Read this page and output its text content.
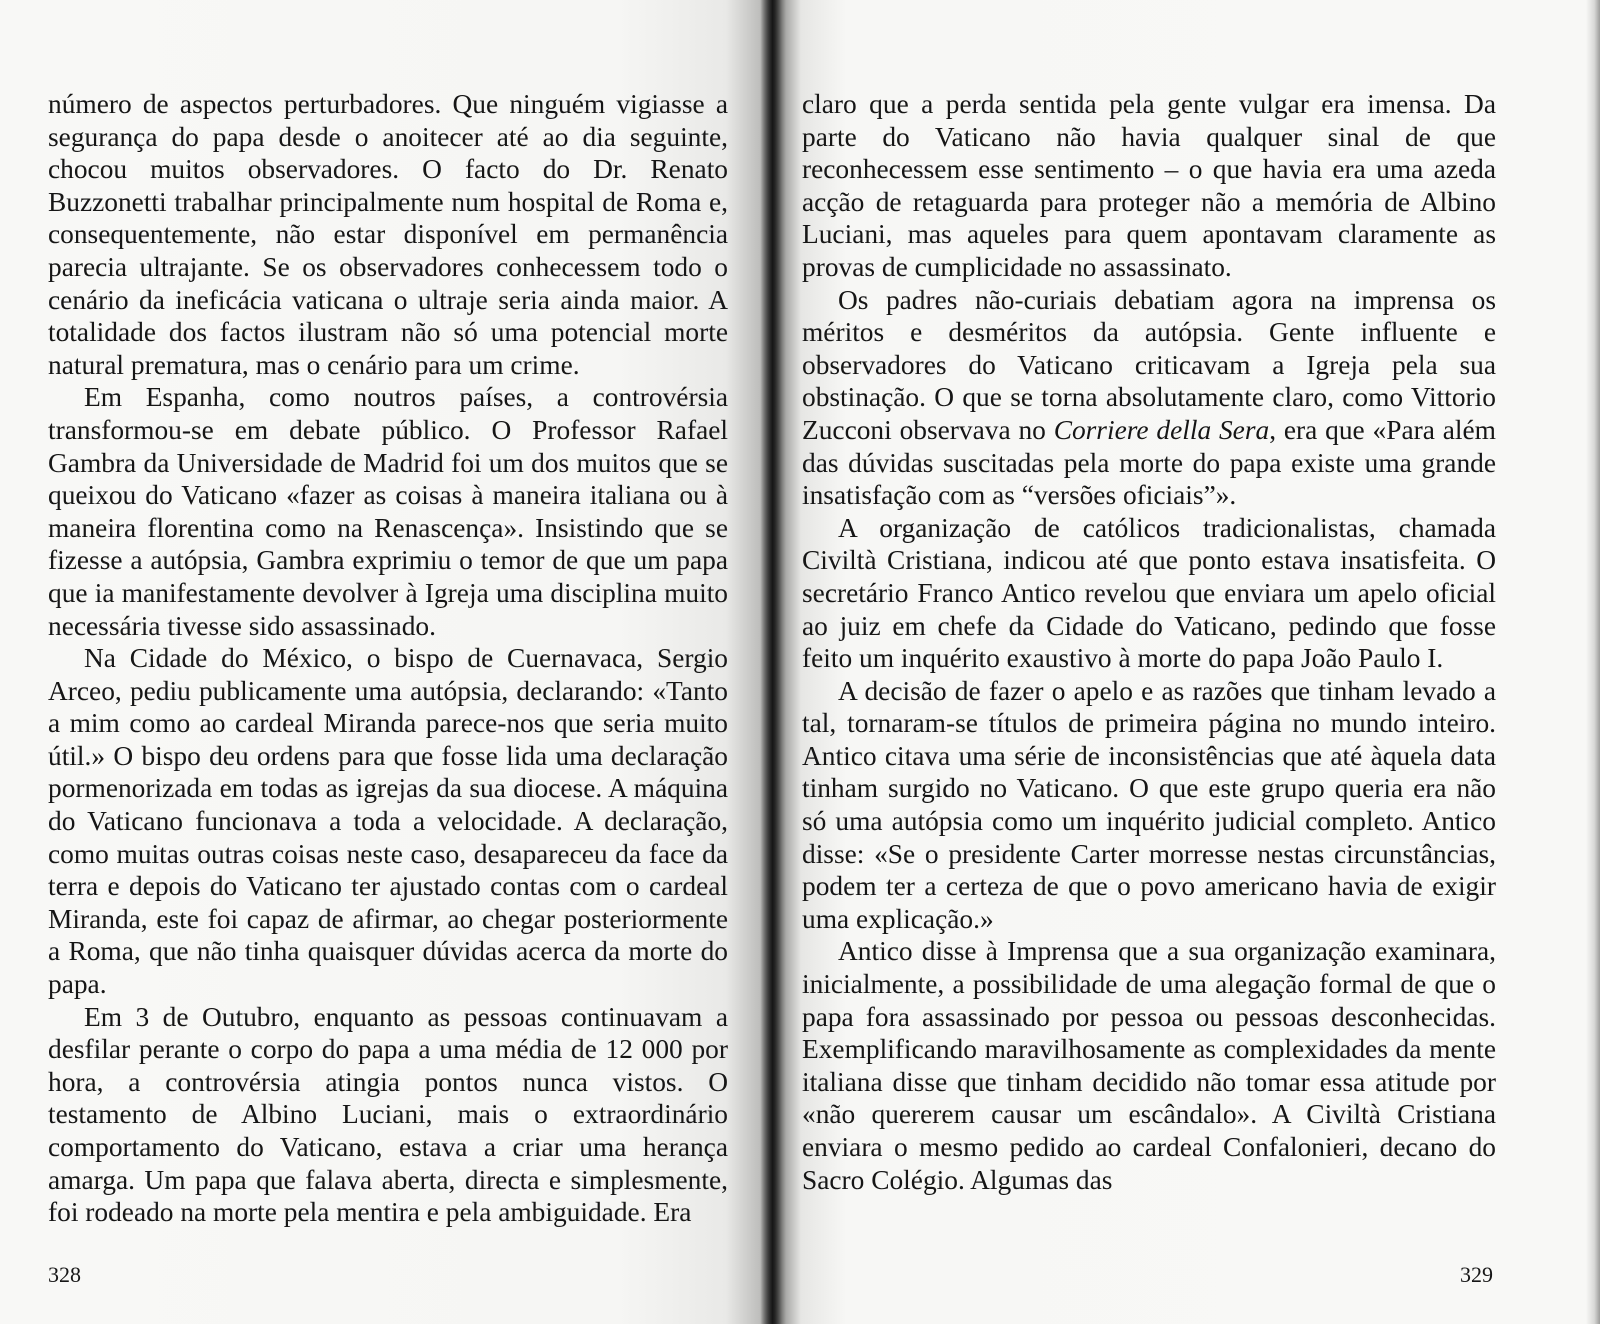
número de aspectos perturbadores. Que ninguém vigiasse a segurança do papa desde o anoitecer até ao dia seguinte, chocou muitos observadores. O facto do Dr. Renato Buzzonetti trabalhar principalmente num hospital de Roma e, consequentemente, não estar disponível em permanência parecia ultrajante. Se os observadores conhecessem todo o cenário da ineficácia vaticana o ultraje seria ainda maior. A totalidade dos factos ilustram não só uma potencial morte natural prematura, mas o cenário para um crime.

Em Espanha, como noutros países, a controvérsia transformou-se em debate público. O Professor Rafael Gambra da Universidade de Madrid foi um dos muitos que se queixou do Vaticano «fazer as coisas à maneira italiana ou à maneira florentina como na Renascença». Insistindo que se fizesse a autópsia, Gambra exprimiu o temor de que um papa que ia manifestamente devolver à Igreja uma disciplina muito necessária tivesse sido assassinado.

Na Cidade do México, o bispo de Cuernavaca, Sergio Arceo, pediu publicamente uma autópsia, declarando: «Tanto a mim como ao cardeal Miranda parece-nos que seria muito útil.» O bispo deu ordens para que fosse lida uma declaração pormenorizada em todas as igrejas da sua diocese. A máquina do Vaticano funcionava a toda a velocidade. A declaração, como muitas outras coisas neste caso, desapareceu da face da terra e depois do Vaticano ter ajustado contas com o cardeal Miranda, este foi capaz de afirmar, ao chegar posteriormente a Roma, que não tinha quaisquer dúvidas acerca da morte do papa.

Em 3 de Outubro, enquanto as pessoas continuavam a desfilar perante o corpo do papa a uma média de 12 000 por hora, a controvérsia atingia pontos nunca vistos. O testamento de Albino Luciani, mais o extraordinário comportamento do Vaticano, estava a criar uma herança amarga. Um papa que falava aberta, directa e simplesmente, foi rodeado na morte pela mentira e pela ambiguidade. Era

328

claro que a perda sentida pela gente vulgar era imensa. Da parte do Vaticano não havia qualquer sinal de que reconhecessem esse sentimento – o que havia era uma azeda acção de retaguarda para proteger não a memória de Albino Luciani, mas aqueles para quem apontavam claramente as provas de cumplicidade no assassinato.

Os padres não-curiais debatiam agora na imprensa os méritos e desméritos da autópsia. Gente influente e observadores do Vaticano criticavam a Igreja pela sua obstinação. O que se torna absolutamente claro, como Vittorio Zucconi observava no Corriere della Sera, era que «Para além das dúvidas suscitadas pela morte do papa existe uma grande insatisfação com as “versões oficiais”».

A organização de católicos tradicionalistas, chamada Civiltà Cristiana, indicou até que ponto estava insatisfeita. O secretário Franco Antico revelou que enviara um apelo oficial ao juiz em chefe da Cidade do Vaticano, pedindo que fosse feito um inquérito exaustivo à morte do papa João Paulo I.

A decisão de fazer o apelo e as razões que tinham levado a tal, tornaram-se títulos de primeira página no mundo inteiro. Antico citava uma série de inconsistências que até àquela data tinham surgido no Vaticano. O que este grupo queria era não só uma autópsia como um inquérito judicial completo. Antico disse: «Se o presidente Carter morresse nestas circunstâncias, podem ter a certeza de que o povo americano havia de exigir uma explicação.»

Antico disse à Imprensa que a sua organização examinara, inicialmente, a possibilidade de uma alegação formal de que o papa fora assassinado por pessoa ou pessoas desconhecidas. Exemplificando maravilhosamente as complexidades da mente italiana disse que tinham decidido não tomar essa atitude por «não quererem causar um escândalo». A Civiltà Cristiana enviara o mesmo pedido ao cardeal Confalonieri, decano do Sacro Colégio. Algumas das

329
